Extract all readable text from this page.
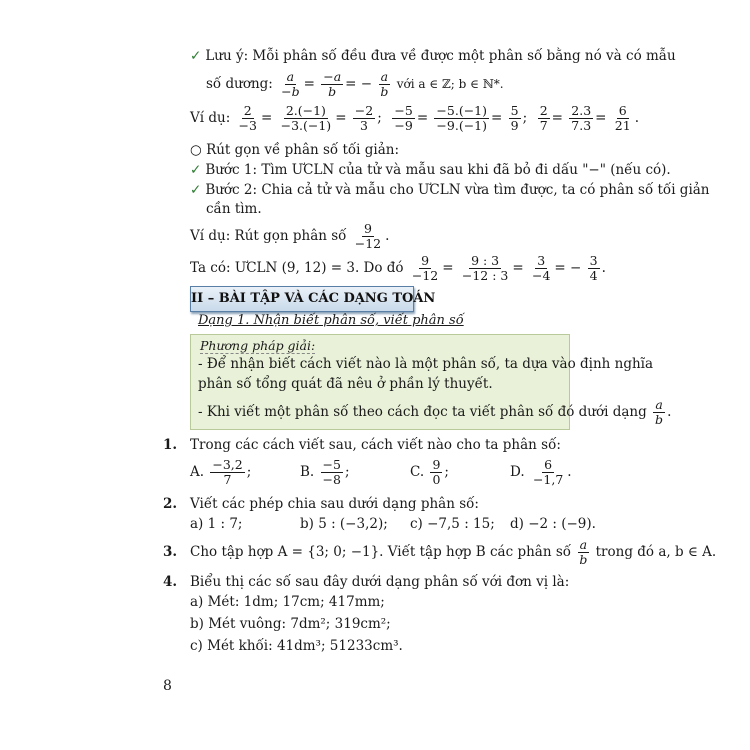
✓ Lưu ý: Mỗi phân số đều đưa về được một phân số bằng nó và có mẫu
số dương: $\frac{a}{-b} = \frac{-a}{b}$ = − $\frac{a}{b}$ với a ∈ ℤ; b ∈ ℕ*.
Ví dụ: $\frac{2}{-3} = \frac{2.(-1)}{-3.(-1)} = \frac{-2}{3}$ ; $\frac{-5}{-9} = \frac{-5.(-1)}{-9.(-1)} = \frac{5}{9}$ ; $\frac{2}{7} = \frac{2.3}{7.3} = \frac{6}{21}$ .
○ Rút gọn về phân số tối giản:
✓ Bước 1: Tìm ƯCLN của tử và mẫu sau khi đã bỏ đi dấu "−" (nếu có).
✓ Bước 2: Chia cả tử và mẫu cho ƯCLN vừa tìm được, ta có phân số tối giản
cần tìm.
Ví dụ: Rút gọn phân số $\frac{9}{-12}$ .
Ta có: ƯCLN (9, 12) = 3. Do đó $\frac{9}{-12} = \frac{9 : 3}{-12 : 3} = \frac{3}{-4}$ = − $\frac{3}{4}$ .
II – BÀI TẬP VÀ CÁC DẠNG TOÁN
Dạng 1. Nhận biết phân số, viết phân số
Phương pháp giải:
- Để nhận biết cách viết nào là một phân số, ta dựa vào định nghĩa
phân số tổng quát đã nêu ở phần lý thuyết.
- Khi viết một phân số theo cách đọc ta viết phân số đó dưới dạng $\frac{a}{b}$ .
1. Trong các cách viết sau, cách viết nào cho ta phân số:
A. $\frac{-3,2}{7}$ ;	B. $\frac{-5}{-8}$ ;	C. $\frac{9}{0}$ ;	D. $\frac{6}{-1,7}$ .
2. Viết các phép chia sau dưới dạng phân số:
a) 1 : 7;	b) 5 : (−3,2); c) −7,5 : 15; d) −2 : (−9).
3. Cho tập hợp A = {3; 0; −1}. Viết tập hợp B các phân số $\frac{a}{b}$ trong đó a, b ∈ A.
4. Biểu thị các số sau đây dưới dạng phân số với đơn vị là:
a) Mét: 1dm; 17cm; 417mm;
b) Mét vuông: 7dm²; 319cm²;
c) Mét khối: 41dm³; 51233cm³.
8
